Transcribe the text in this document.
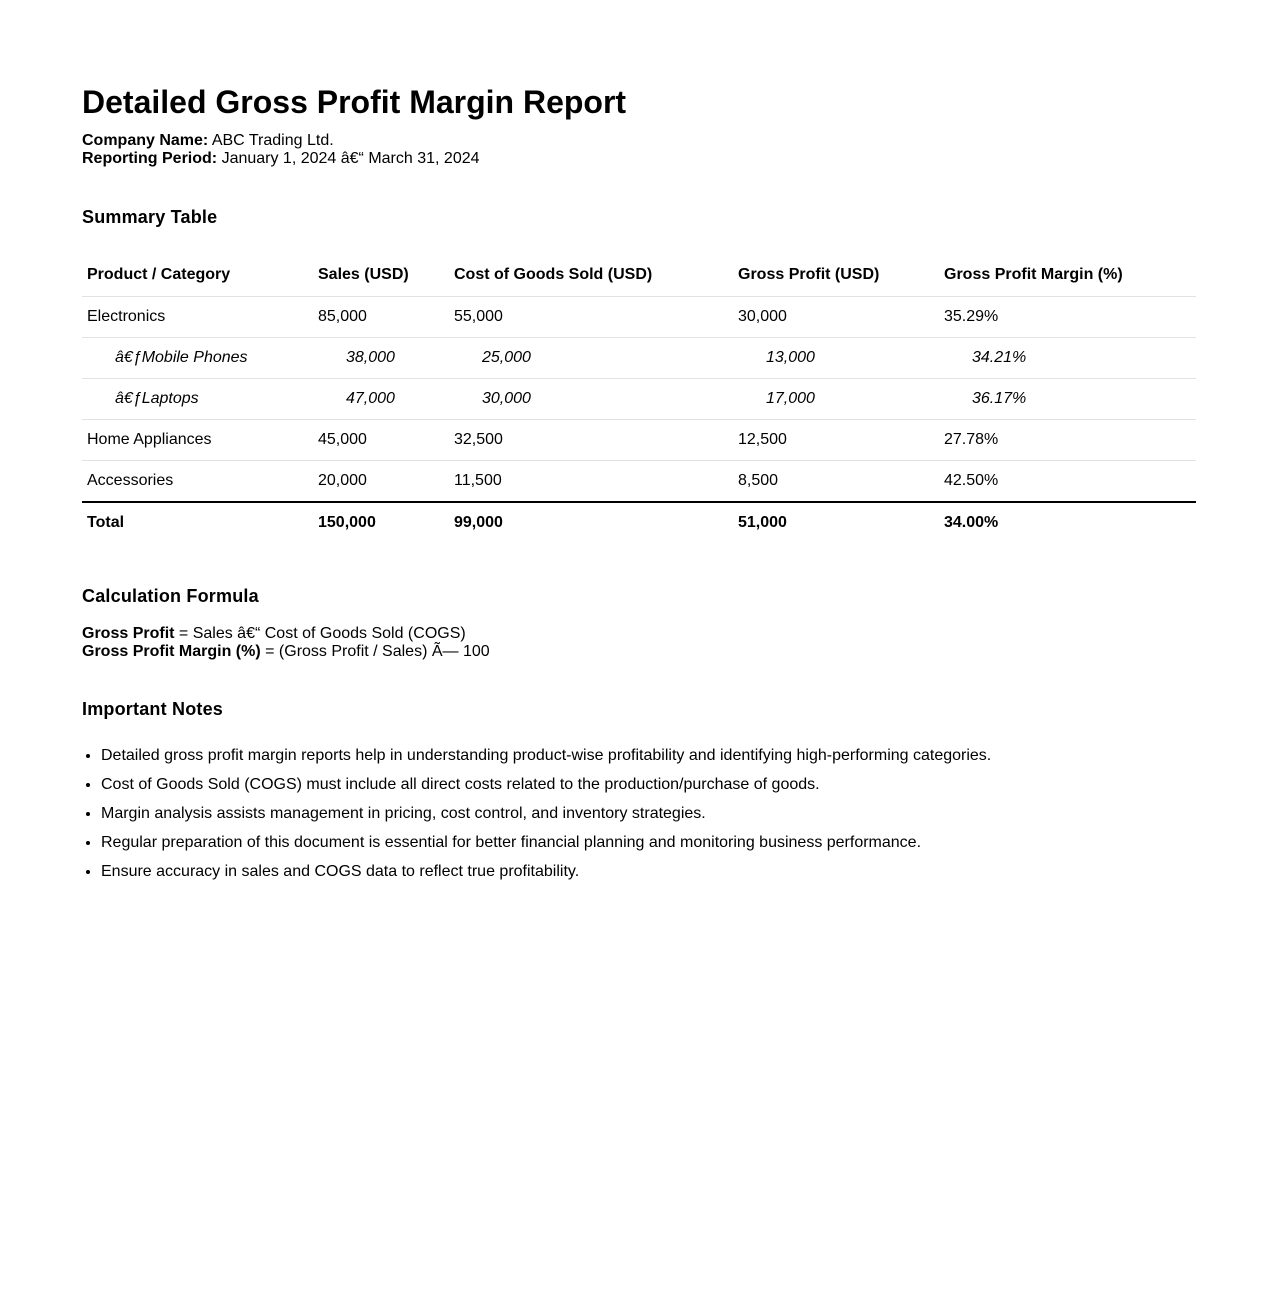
Detailed Gross Profit Margin Report
Company Name: ABC Trading Ltd.
Reporting Period: January 1, 2024 â€“ March 31, 2024
Summary Table
Product / Category	Sales (USD)	Cost of Goods Sold (USD)	Gross Profit (USD)	Gross Profit Margin (%)
Electronics	85,000	55,000	30,000	35.29%
â€ƒMobile Phones	38,000	25,000	13,000	34.21%
â€ƒLaptops	47,000	30,000	17,000	36.17%
Home Appliances	45,000	32,500	12,500	27.78%
Accessories	20,000	11,500	8,500	42.50%
Total	150,000	99,000	51,000	34.00%
Calculation Formula
Gross Profit = Sales â€“ Cost of Goods Sold (COGS)
Gross Profit Margin (%) = (Gross Profit / Sales) Ã— 100
Important Notes
• Detailed gross profit margin reports help in understanding product-wise profitability and identifying high-performing categories.
• Cost of Goods Sold (COGS) must include all direct costs related to the production/purchase of goods.
• Margin analysis assists management in pricing, cost control, and inventory strategies.
• Regular preparation of this document is essential for better financial planning and monitoring business performance.
• Ensure accuracy in sales and COGS data to reflect true profitability.
